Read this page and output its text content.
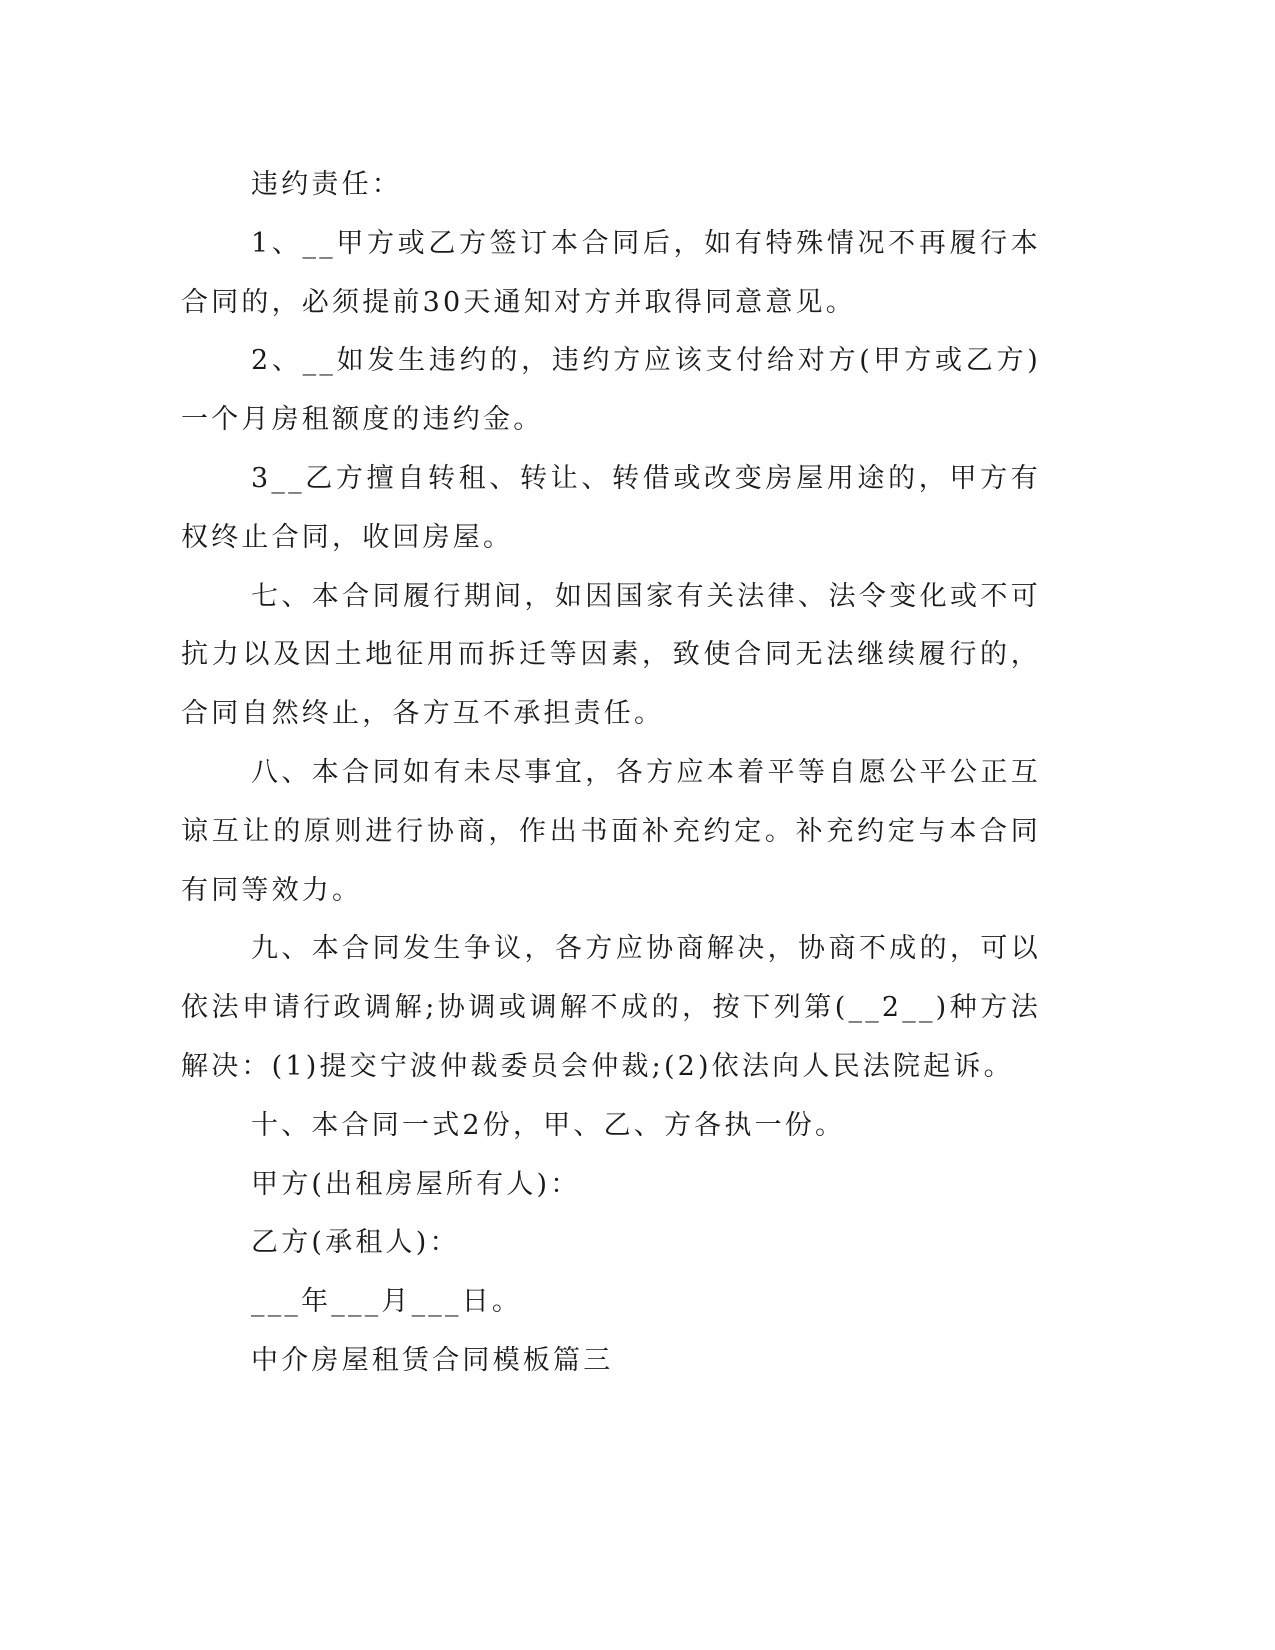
违约责任：

1、__甲方或乙方签订本合同后，如有特殊情况不再履行本合同的，必须提前30天通知对方并取得同意意见。

2、__如发生违约的，违约方应该支付给对方(甲方或乙方)一个月房租额度的违约金。

3__乙方擅自转租、转让、转借或改变房屋用途的，甲方有权终止合同，收回房屋。

七、本合同履行期间，如因国家有关法律、法令变化或不可抗力以及因土地征用而拆迁等因素，致使合同无法继续履行的，合同自然终止，各方互不承担责任。

八、本合同如有未尽事宜，各方应本着平等自愿公平公正互谅互让的原则进行协商，作出书面补充约定。补充约定与本合同有同等效力。

九、本合同发生争议，各方应协商解决，协商不成的，可以依法申请行政调解;协调或调解不成的，按下列第(__2__)种方法解决：(1)提交宁波仲裁委员会仲裁;(2)依法向人民法院起诉。

十、本合同一式2份，甲、乙、方各执一份。

甲方(出租房屋所有人)：

乙方(承租人)：

___年___月___日。

中介房屋租赁合同模板篇三
